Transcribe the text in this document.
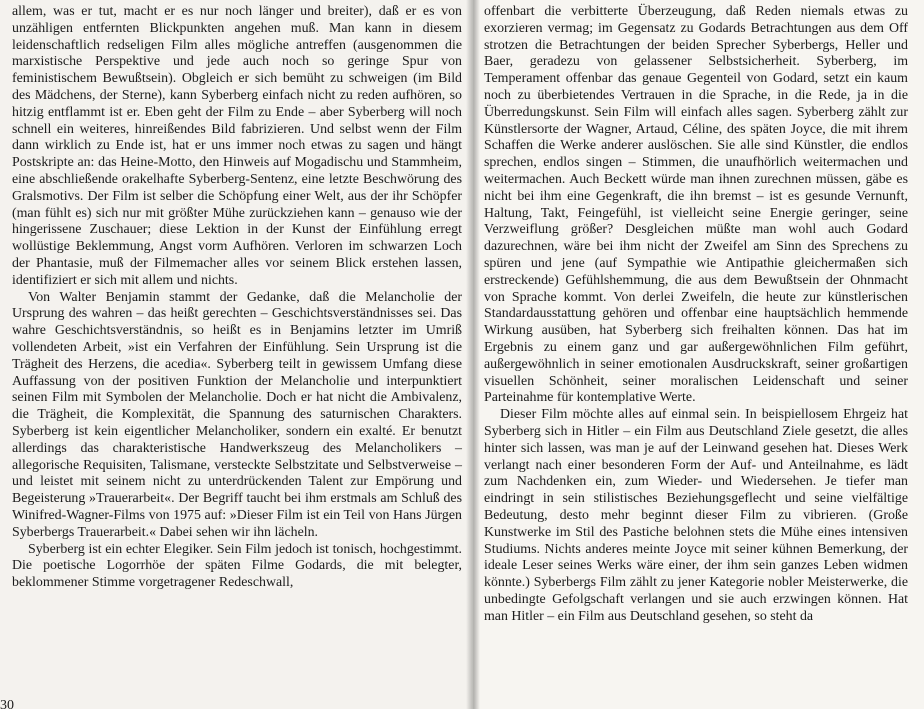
allem, was er tut, macht er es nur noch länger und breiter), daß er es von unzähligen entfernten Blickpunkten angehen muß. Man kann in diesem leidenschaftlich redseligen Film alles mögliche antreffen (ausgenommen die marxistische Perspektive und jede auch noch so geringe Spur von feministischem Bewußtsein). Obgleich er sich bemüht zu schweigen (im Bild des Mädchens, der Sterne), kann Syberberg einfach nicht zu reden aufhören, so hitzig entflammt ist er. Eben geht der Film zu Ende – aber Syberberg will noch schnell ein weiteres, hinreißendes Bild fabrizieren. Und selbst wenn der Film dann wirklich zu Ende ist, hat er uns immer noch etwas zu sagen und hängt Postskripte an: das Heine-Motto, den Hinweis auf Mogadischu und Stammheim, eine abschließende orakelhafte Syberberg-Sentenz, eine letzte Beschwörung des Gralsmotivs. Der Film ist selber die Schöpfung einer Welt, aus der ihr Schöpfer (man fühlt es) sich nur mit größter Mühe zurückziehen kann – genauso wie der hingerissene Zuschauer; diese Lektion in der Kunst der Einfühlung erregt wollüstige Beklemmung, Angst vorm Aufhören. Verloren im schwarzen Loch der Phantasie, muß der Filmemacher alles vor seinem Blick erstehen lassen, identifiziert er sich mit allem und nichts.

Von Walter Benjamin stammt der Gedanke, daß die Melancholie der Ursprung des wahren – das heißt gerechten – Geschichtsverständnisses sei. Das wahre Geschichtsverständnis, so heißt es in Benjamins letzter im Umriß vollendeten Arbeit, »ist ein Verfahren der Einfühlung. Sein Ursprung ist die Trägheit des Herzens, die acedia«. Syberberg teilt in gewissem Umfang diese Auffassung von der positiven Funktion der Melancholie und interpunktiert seinen Film mit Symbolen der Melancholie. Doch er hat nicht die Ambivalenz, die Trägheit, die Komplexität, die Spannung des saturnischen Charakters. Syberberg ist kein eigentlicher Melancholiker, sondern ein exalté. Er benutzt allerdings das charakteristische Handwerkszeug des Melancholikers – allegorische Requisiten, Talismane, versteckte Selbstzitate und Selbstverweise – und leistet mit seinem nicht zu unterdrückenden Talent zur Empörung und Begeisterung »Trauerarbeit«. Der Begriff taucht bei ihm erstmals am Schluß des Winifred-Wagner-Films von 1975 auf: »Dieser Film ist ein Teil von Hans Jürgen Syberbergs Trauerarbeit.« Dabei sehen wir ihn lächeln.

Syberberg ist ein echter Elegiker. Sein Film jedoch ist tonisch, hochgestimmt. Die poetische Logorrhöe der späten Filme Godards, die mit belegter, beklommener Stimme vorgetragener Redeschwall,

30

offenbart die verbitterte Überzeugung, daß Reden niemals etwas zu exorzieren vermag; im Gegensatz zu Godards Betrachtungen aus dem Off strotzen die Betrachtungen der beiden Sprecher Syberbergs, Heller und Baer, geradezu von gelassener Selbstsicherheit. Syberberg, im Temperament offenbar das genaue Gegenteil von Godard, setzt ein kaum noch zu überbietendes Vertrauen in die Sprache, in die Rede, ja in die Überredungskunst. Sein Film will einfach alles sagen. Syberberg zählt zur Künstlersorte der Wagner, Artaud, Céline, des späten Joyce, die mit ihrem Schaffen die Werke anderer auslöschen. Sie alle sind Künstler, die endlos sprechen, endlos singen – Stimmen, die unaufhörlich weitermachen und weitermachen. Auch Beckett würde man ihnen zurechnen müssen, gäbe es nicht bei ihm eine Gegenkraft, die ihn bremst – ist es gesunde Vernunft, Haltung, Takt, Feingefühl, ist vielleicht seine Energie geringer, seine Verzweiflung größer? Desgleichen müßte man wohl auch Godard dazurechnen, wäre bei ihm nicht der Zweifel am Sinn des Sprechens zu spüren und jene (auf Sympathie wie Antipathie gleichermaßen sich erstreckende) Gefühlshemmung, die aus dem Bewußtsein der Ohnmacht von Sprache kommt. Von derlei Zweifeln, die heute zur künstlerischen Standardausstattung gehören und offenbar eine hauptsächlich hemmende Wirkung ausüben, hat Syberberg sich freihalten können. Das hat im Ergebnis zu einem ganz und gar außergewöhnlichen Film geführt, außergewöhnlich in seiner emotionalen Ausdruckskraft, seiner großartigen visuellen Schönheit, seiner moralischen Leidenschaft und seiner Parteinahme für kontemplative Werte.

Dieser Film möchte alles auf einmal sein. In beispiellosem Ehrgeiz hat Syberberg sich in Hitler – ein Film aus Deutschland Ziele gesetzt, die alles hinter sich lassen, was man je auf der Leinwand gesehen hat. Dieses Werk verlangt nach einer besonderen Form der Auf- und Anteilnahme, es lädt zum Nachdenken ein, zum Wieder- und Wiedersehen. Je tiefer man eindringt in sein stilistisches Beziehungsgeflecht und seine vielfältige Bedeutung, desto mehr beginnt dieser Film zu vibrieren. (Große Kunstwerke im Stil des Pastiche belohnen stets die Mühe eines intensiven Studiums. Nichts anderes meinte Joyce mit seiner kühnen Bemerkung, der ideale Leser seines Werks wäre einer, der ihm sein ganzes Leben widmen könnte.) Syberbergs Film zählt zu jener Kategorie nobler Meisterwerke, die unbedingte Gefolgschaft verlangen und sie auch erzwingen können. Hat man Hitler – ein Film aus Deutschland gesehen, so steht da
